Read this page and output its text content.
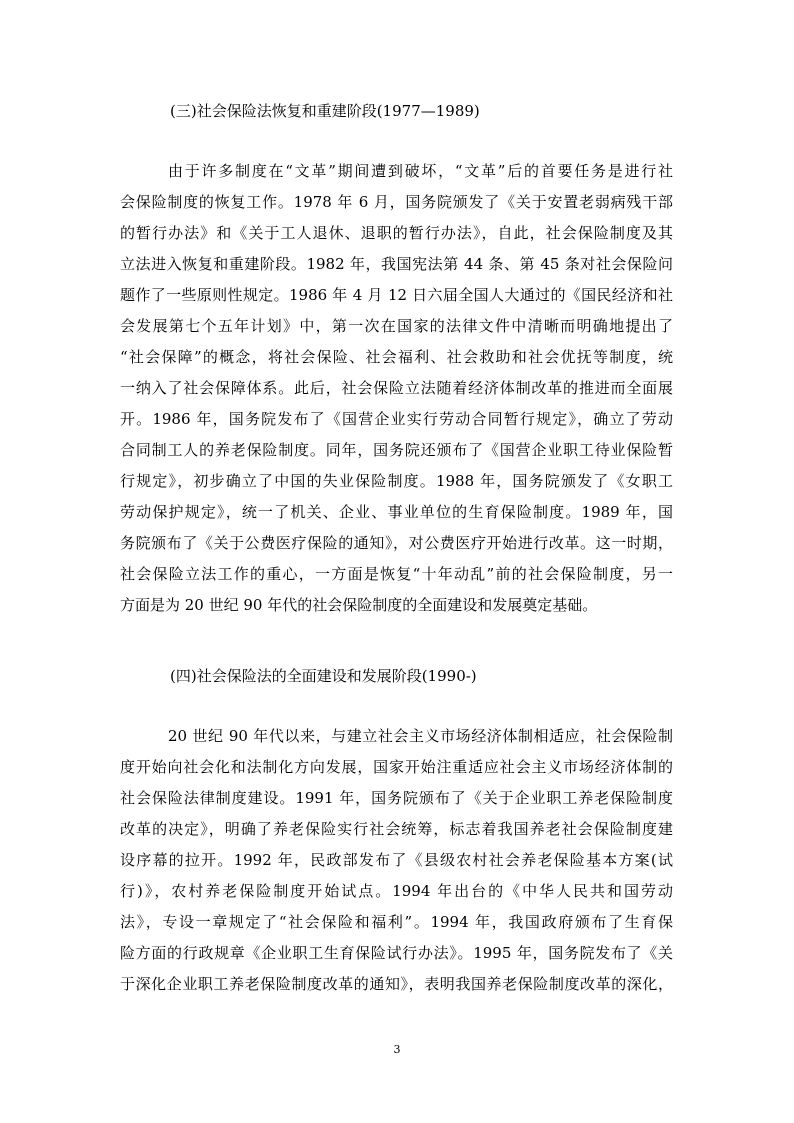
(三)社会保险法恢复和重建阶段(1977—1989)
由于许多制度在“文革”期间遭到破坏，“文革”后的首要任务是进行社
会保险制度的恢复工作。1978 年 6 月，国务院颁发了《关于安置老弱病残干部
的暂行办法》和《关于工人退休、退职的暂行办法》，自此，社会保险制度及其
立法进入恢复和重建阶段。1982 年，我国宪法第 44 条、第 45 条对社会保险问
题作了一些原则性规定。1986 年 4 月 12 日六届全国人大通过的《国民经济和社
会发展第七个五年计划》中，第一次在国家的法律文件中清晰而明确地提出了
“社会保障”的概念，将社会保险、社会福利、社会救助和社会优抚等制度，统
一纳入了社会保障体系。此后，社会保险立法随着经济体制改革的推进而全面展
开。1986 年，国务院发布了《国营企业实行劳动合同暂行规定》，确立了劳动
合同制工人的养老保险制度。同年，国务院还颁布了《国营企业职工待业保险暂
行规定》，初步确立了中国的失业保险制度。1988 年，国务院颁发了《女职工
劳动保护规定》，统一了机关、企业、事业单位的生育保险制度。1989 年，国
务院颁布了《关于公费医疗保险的通知》，对公费医疗开始进行改革。这一时期，
社会保险立法工作的重心，一方面是恢复“十年动乱”前的社会保险制度，另一
方面是为 20 世纪 90 年代的社会保险制度的全面建设和发展奠定基础。
(四)社会保险法的全面建设和发展阶段(1990-)
20 世纪 90 年代以来，与建立社会主义市场经济体制相适应，社会保险制
度开始向社会化和法制化方向发展，国家开始注重适应社会主义市场经济体制的
社会保险法律制度建设。1991 年，国务院颁布了《关于企业职工养老保险制度
改革的决定》，明确了养老保险实行社会统筹，标志着我国养老社会保险制度建
设序幕的拉开。1992 年，民政部发布了《县级农村社会养老保险基本方案(试
行)》，农村养老保险制度开始试点。1994 年出台的《中华人民共和国劳动
法》，专设一章规定了“社会保险和福利”。1994 年，我国政府颁布了生育保
险方面的行政规章《企业职工生育保险试行办法》。1995 年，国务院发布了《关
于深化企业职工养老保险制度改革的通知》，表明我国养老保险制度改革的深化，
3
